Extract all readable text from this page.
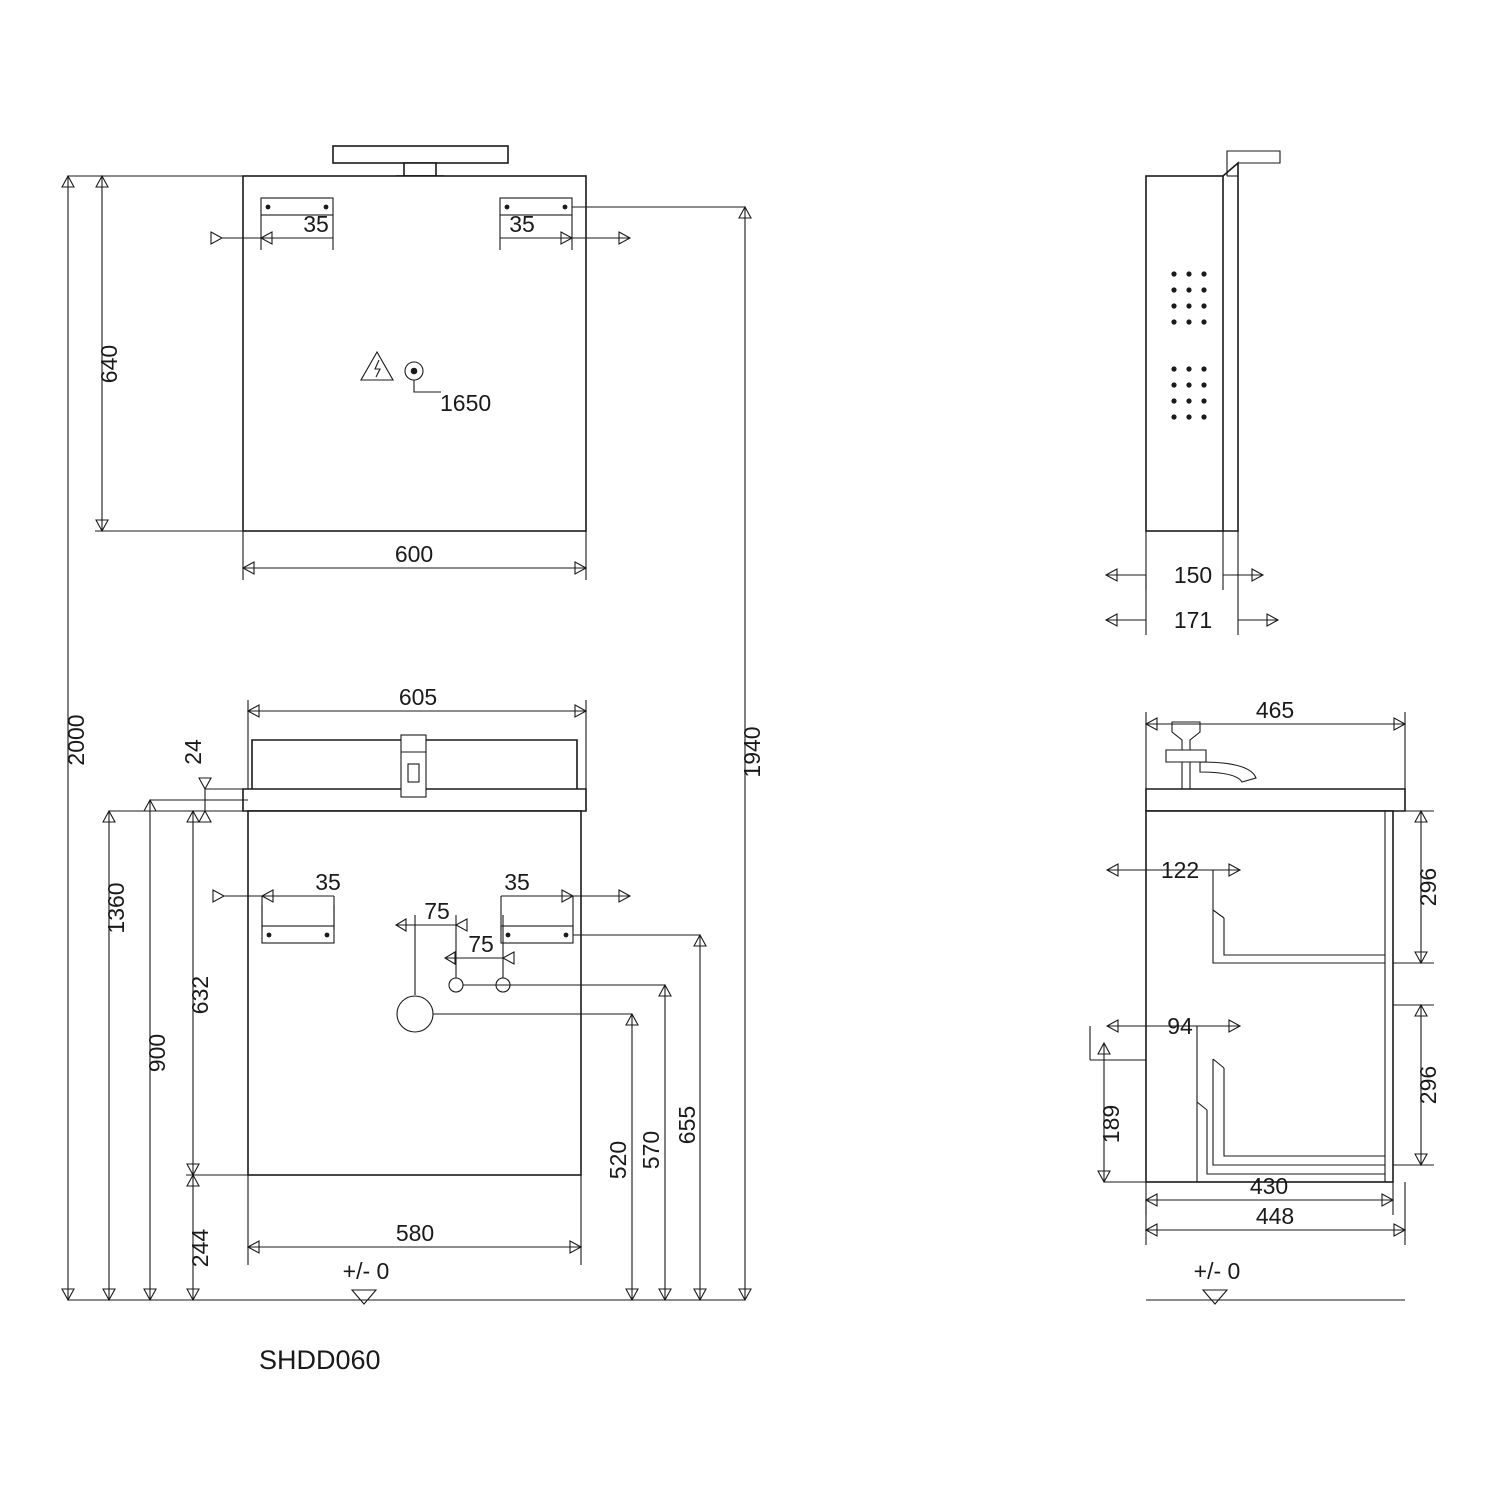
35	35
600
640
2000	1940
1650
605
24
35	35
75
75
520 570
655
632
900
1360
244	580
+/- 0
SHDD060
150
171
465
296
296
122
94
189
430
448
+/- 0
